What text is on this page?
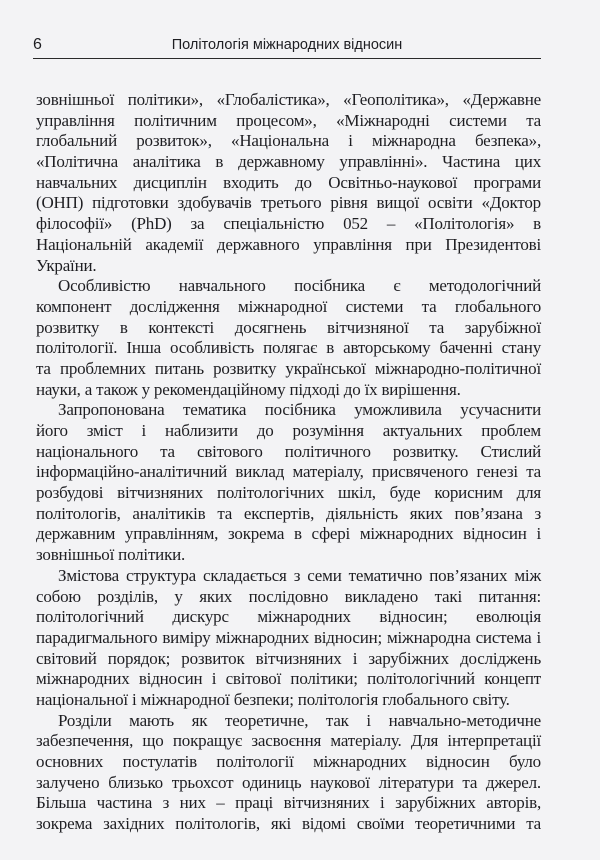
6	Політологія міжнародних відносин
зовнішньої політики», «Глобалістика», «Геополітика», «Державне
управління політичним процесом», «Міжнародні системи та
глобальний розвиток», «Національна і міжнародна безпека»,
«Політична аналітика в державному управлінні». Частина цих
навчальних дисциплін входить до Освітньо-наукової програми
(ОНП) підготовки здобувачів третього рівня вищої освіти «Доктор
філософії» (PhD) за спеціальністю 052 – «Політологія» в
Національній академії державного управління при Президентові
України.
Особливістю навчального посібника є методологічний
компонент дослідження міжнародної системи та глобального
розвитку в контексті досягнень вітчизняної та зарубіжної
політології. Інша особливість полягає в авторському баченні стану
та проблемних питань розвитку української міжнародно-політичної
науки, а також у рекомендаційному підході до їх вирішення.
Запропонована тематика посібника уможливила усучаснити
його зміст і наблизити до розуміння актуальних проблем
національного та світового політичного розвитку. Стислий
інформаційно-аналітичний виклад матеріалу, присвяченого генезі та
розбудові вітчизняних політологічних шкіл, буде корисним для
політологів, аналітиків та експертів, діяльність яких пов’язана з
державним управлінням, зокрема в сфері міжнародних відносин і
зовнішньої політики.
Змістова структура складається з семи тематично пов’язаних між
собою розділів, у яких послідовно викладено такі питання:
політологічний дискурс міжнародних відносин; еволюція
парадигмального виміру міжнародних відносин; міжнародна система і
світовий порядок; розвиток вітчизняних і зарубіжних досліджень
міжнародних відносин і світової політики; політологічний концепт
національної і міжнародної безпеки; політологія глобального світу.
Розділи мають як теоретичне, так і навчально-методичне
забезпечення, що покращує засвоєння матеріалу. Для інтерпретації
основних постулатів політології міжнародних відносин було
залучено близько трьохсот одиниць наукової літератури та джерел.
Більша частина з них – праці вітчизняних і зарубіжних авторів,
зокрема західних політологів, які відомі своїми теоретичними та
